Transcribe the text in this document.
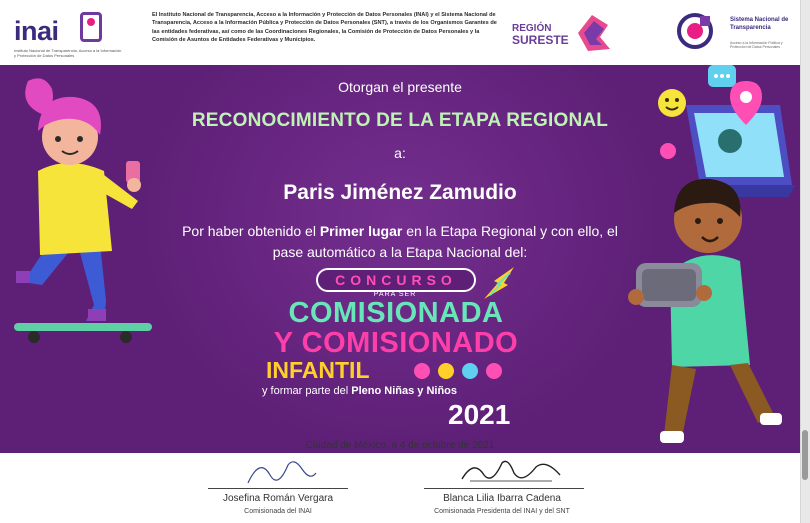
inai
Instituto Nacional de Transparencia, Acceso a la Información y Protección de Datos Personales
El Instituto Nacional de Transparencia, Acceso a la Información y Protección de Datos Personales (INAI) y el Sistema Nacional de Transparencia, Acceso a la Información Pública y Protección de Datos Personales (SNT), a través de los Organismos Garantes de las entidades federativas, así como de las Coordinaciones Regionales, la Comisión de Protección de Datos Personales y la Comisión de Asuntos de Entidades Federativas y Municipios.
REGIÓN
SURESTE
Sistema Nacional de Transparencia
Acceso a la Información Pública y Protección de Datos Personales
Otorgan el presente
RECONOCIMIENTO DE LA ETAPA REGIONAL
a:
Paris Jiménez Zamudio
Por haber obtenido el Primer lugar en la Etapa Regional y con ello, el pase automático a la Etapa Nacional del:
CONCURSO
PARA SER
COMISIONADA
Y COMISIONADO
INFANTIL
y formar parte del Pleno Niñas y Niños
2021
Ciudad de México, a 4 de octubre de 2021
Josefina Román Vergara
Comisionada del INAI
Blanca Lilia Ibarra Cadena
Comisionada Presidenta del INAI y del SNT
